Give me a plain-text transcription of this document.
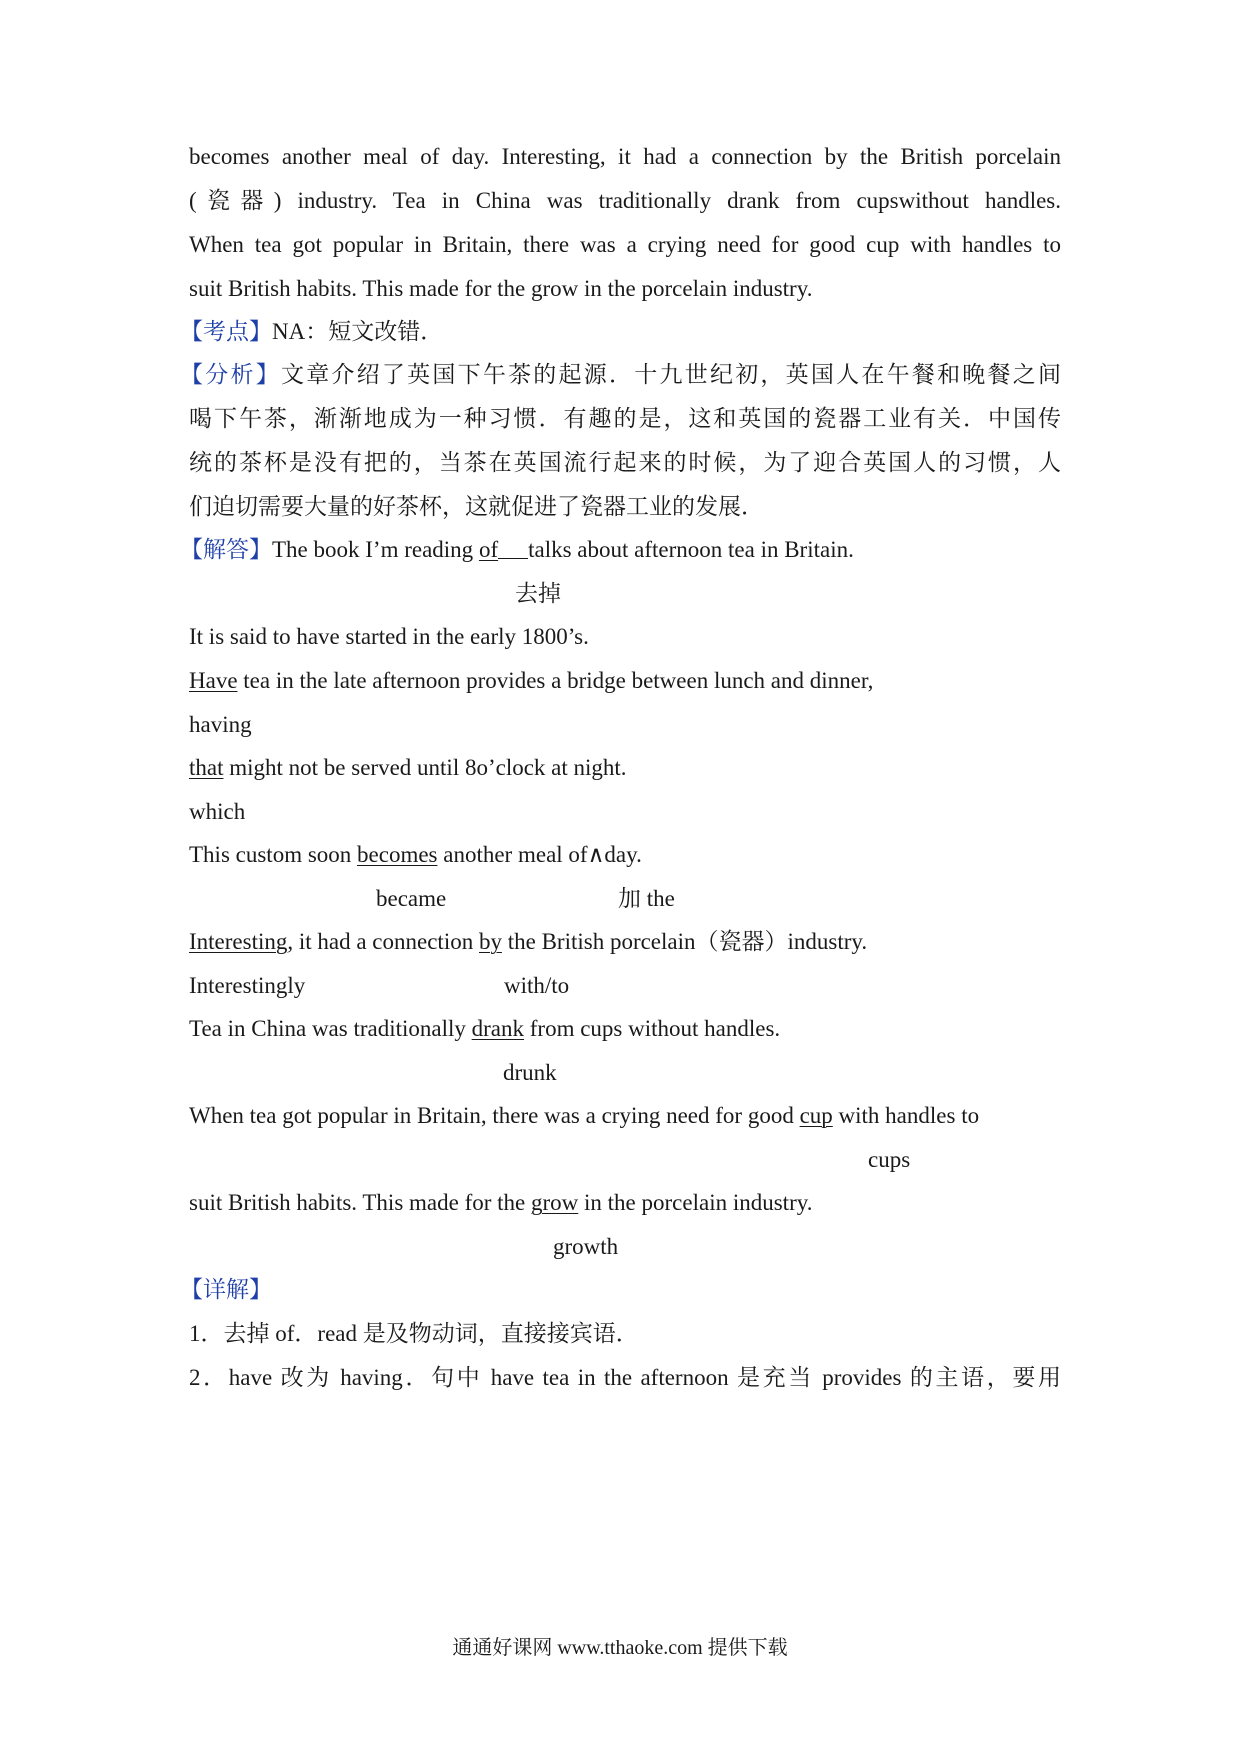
becomes another meal of day. Interesting, it had a connection by the British porcelain
(瓷器) industry. Tea in China was traditionally drank from cupswithout handles.
When tea got popular in Britain, there was a crying need for good cup with handles to
suit British habits. This made for the grow in the porcelain industry.
【考点】NA：短文改错．
【分析】文章介绍了英国下午茶的起源．十九世纪初，英国人在午餐和晚餐之间
喝下午茶，渐渐地成为一种习惯．有趣的是，这和英国的瓷器工业有关．中国传
统的茶杯是没有把的，当茶在英国流行起来的时候，为了迎合英国人的习惯，人
们迫切需要大量的好茶杯，这就促进了瓷器工业的发展．
【解答】The book I’m reading of talks about afternoon tea in Britain.
去掉
It is said to have started in the early 1800’s.
Have tea in the late afternoon provides a bridge between lunch and dinner,
having
that might not be served until 8o’clock at night.
which
This custom soon becomes another meal of∧day.
became	加 the
Interesting, it had a connection by the British porcelain（瓷器）industry.
Interestingly	with/to
Tea in China was traditionally drank from cups without handles.
drunk
When tea got popular in Britain, there was a crying need for good cup with handles to
cups
suit British habits. This made for the grow in the porcelain industry.
growth
【详解】
1．去掉 of．read 是及物动词，直接接宾语．
2．have 改为 having．句中 have tea in the afternoon 是充当 provides 的主语，要用
通通好课网 www.tthaoke.com 提供下载
